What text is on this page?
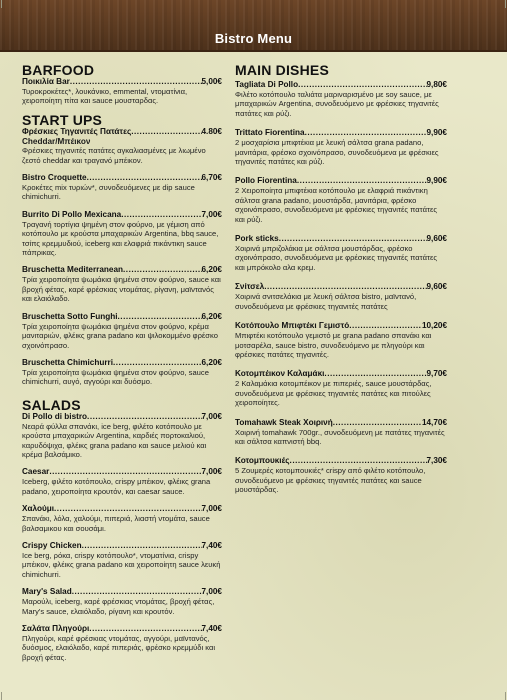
Bistro Menu
BARFOOD
Ποικιλία Bar .....	5,00€
Τυροκροκέτες*, λουκάνικο, emmental, ντοματίνια, χειροποίητη πίτα και sauce μουσταρδας.
START UPS
Φρέσκιες Τηγανιτές Πατάτες .....	4.80€
Cheddar/Μπέικον
Φρέσκιες τηγανιτές πατάτες αγκαλιασμένες με λιωμένο ζεστό cheddar και τραγανό μπέικον.
Bistro Croquette .....	6,70€
Κροκέτες mix τυριών*, συνοδευόμενες με dip sauce chimichurri.
Burrito Di Pollo Mexicana .....	7,00€
Τραγανή τορτίγια ψημένη στον φούρνο, με γέμιση από κοτόπουλο με κρούστα μπαχαρικών Argentina, bbq sauce, τσίπς κρεμμυδιού, iceberg και ελαφριά πικάντικη sauce πάπρικας.
Bruschetta Mediterranean .....	6,20€
Τρία χειροποίητα ψωμάκια ψημένα στον φούρνο, sauce και βροχή φέτας, καρέ φρέσκιας ντομάτας, ρίγανη, μαϊντανός και ελαιόλαδο.
Bruschetta Sotto Funghi .....	6,20€
Τρία χειροποίητα ψωμάκια ψημένα στον φούρνο, κρέμα μανιταριών, φλέικς grana padano και ψιλοκομμένο φρέσκο σχοινόπρασο.
Bruschetta Chimichurri .....	6,20€
Τρία χειροποίητα ψωμάκια ψημένα στον φούρνο, sauce chimichurri, αυγό, αγγούρι και δυόσμο.
SALADS
Di Pollo di bistro .....	7,00€
Νεαρά φύλλα σπανάκι, ice berg, φιλέτο κοτόπουλο με κρούστα μπαχαρικών Argentina, καρδιές πορτοκαλιού, καρυδόψιχα, φλέικς grana padano και sauce μελιού και κρέμα βαλσάμικο.
Caesar .....	7,00€
Iceberg, φιλέτο κοτόπουλο, crispy μπέικον, φλέικς grana padano, χειροποίητα κρουτόν, και caesar sauce.
Χαλούμι .....	7,00€
Σπανάκι, λόλα, χαλούμι, πιπεριά, λιαστή ντομάτα, sauce βαλσαμικου και σουσάμι.
Crispy Chicken .....	7,40€
Ice berg, ρόκα, crispy κοτόπουλο*, ντοματίνια, crispy μπέικον, φλέικς grana padano και χειροποίητη sauce λευκή chimichurri.
Mary's Salad .....	7,00€
Μαρούλι, iceberg, καρέ φρέσκιας ντομάτας, βροχή φέτας, Mary's sauce, ελαιόλαδο, ρίγανη και κρουτόν.
Σαλάτα Πληγούρι .....	7,40€
Πληγούρι, καρέ φρέσκιας ντομάτας, αγγούρι, μαϊντανός, δυόσμος, ελαιόλαδο, καρέ πιπεριάς, φρέσκο κρεμμύδι και βροχή φέτας.
MAIN DISHES
Tagliata Di Pollo .....	9,80€
Φιλέτο κοτόπουλο ταλιάτα μαριναρισμένο με soy sauce, με μπαχαρικών Argentina, συνοδευόμενο με φρέσκιες τηγανιτές πατάτες και ρύζι.
Trittato Fiorentina .....	9,90€
2 μοσχαρίσια μπιφτέκια με λευκή σάλτσα grana padano, μανιτάρια, φρέσκο σχοινόπρασο, συνοδευόμενα με φρέσκιες τηγανιτές πατάτες και ρύζι.
Pollo Fiorentina .....	9,90€
2 Χειροποίητα μπιφτέκια κοτόπουλο με ελαφριά πικάντικη σάλτσα grana padano, μουστάρδα, μανιτάρια, φρέσκο σχοινόπρασο, συνοδευόμενα με φρέσκιες τηγανιτές πατάτες και ρύζι.
Pork sticks .....	9,60€
Χοιρινά μπριζολάκια με σάλτσα μουστάρδας, φρέσκο σχοινόπρασο, συνοδευόμενα με φρέσκιες τηγανιτές πατάτες και μπρόκολο αλα κρεμ.
Σνίτσελ .....	9,60€
Χοιρινά σνιτσελάκια με λευκή σάλτσα bistro, μαϊντανό, συνοδευόμενα με φρέσκιες τηγανιτές πατάτες
Κοτόπουλο Μπιφτέκι Γεμιστό .....	10,20€
Μπιφτέκι κοτόπουλο γεμιστό με grana padano σπανάκι και μοτσαρέλα, sauce bistro, συνοδευόμενο με πληγούρι και φρέσκιες πατάτες τηγανιτές.
Κοτομπέικον Καλαμάκι .....	9,70€
2 Καλαμάκια κοτομπέικον με πιπεριές, sauce μουστάρδας, συνοδευόμενα με φρέσκιες τηγανιτές πατάτες και πιτούλες χειροποίητες.
Tomahawk Steak Χοιρινή .....	14,70€
Χοιρινή tomahawk 700gr., συνοδευόμενη με πατάτες τηγανιτές και σάλτσα καπνιστή bbq.
Κοτομπουκιές .....	7,30€
5 Ζουμερές κοτομπουκιές* crispy από φιλέτο κοτόπουλο, συνοδευόμενο με φρέσκιες τηγανιτές πατάτες και sauce μουστάρδας.
